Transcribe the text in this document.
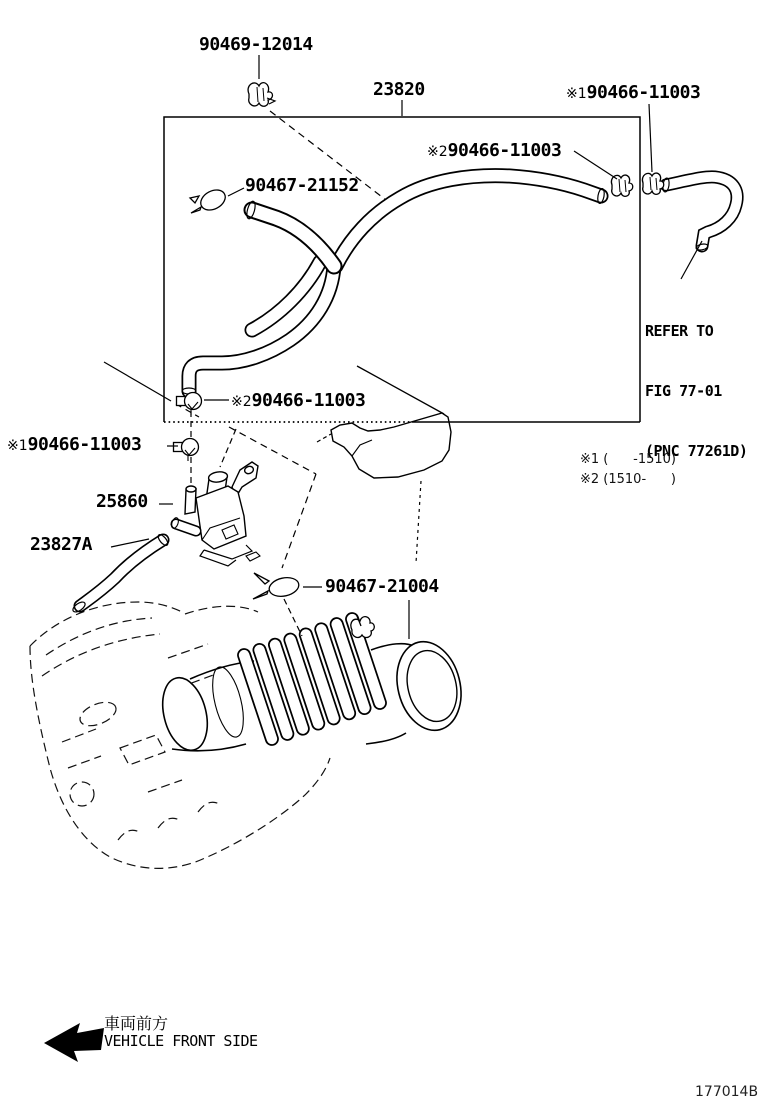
90469-12014
23820	※190466-11003
※290466-11003
90467-21152

REFER TO

FIG 77-01

(PNC 77261D)

※290466-11003
※190466-11003
25860
23827A
90467-21004
※1 (      -1510)
※2 (1510-      )
車両前方
VEHICLE FRONT SIDE
177014B
